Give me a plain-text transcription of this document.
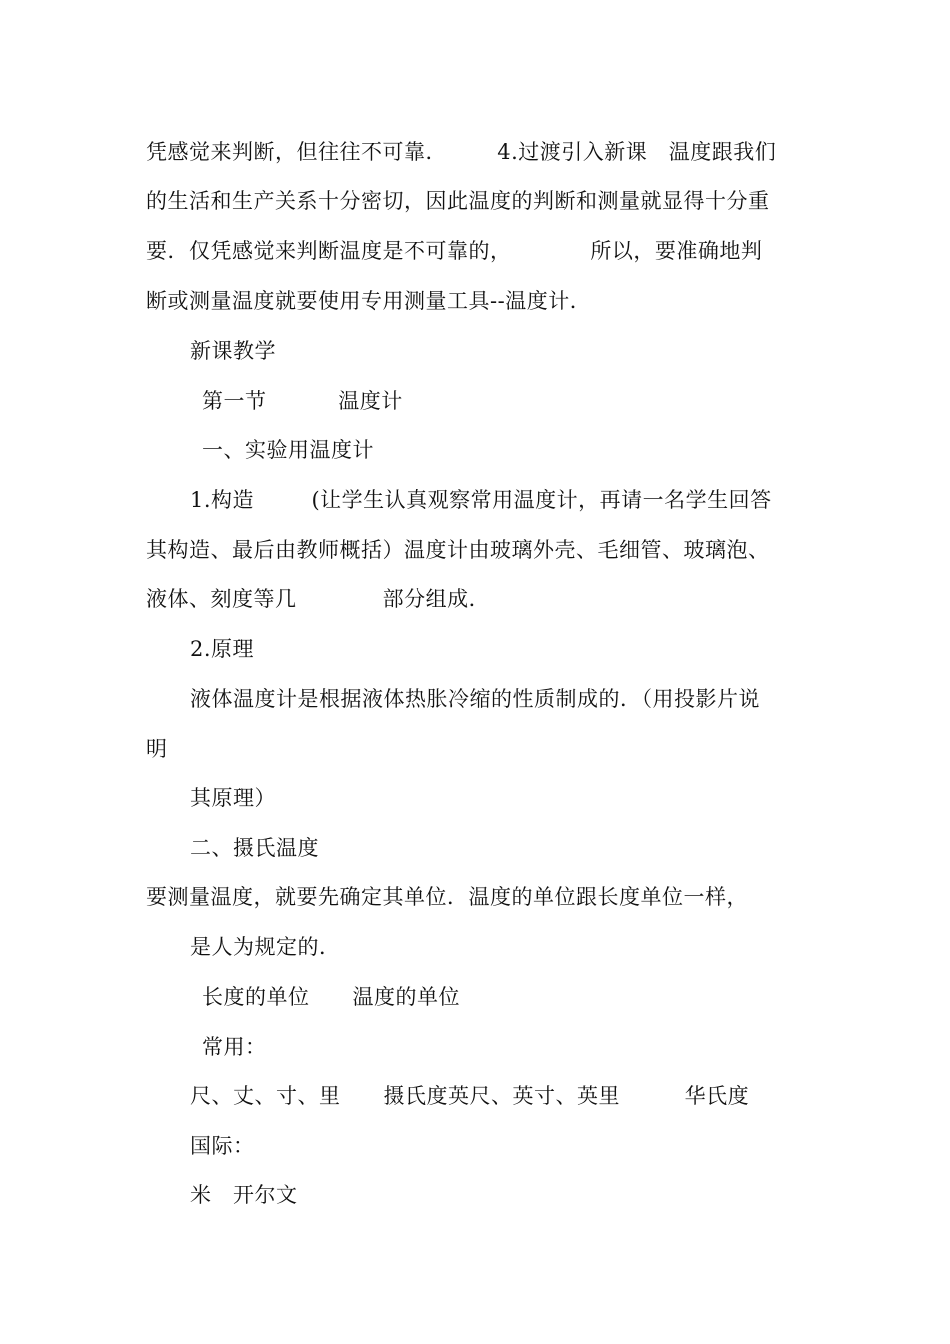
凭感觉来判断，但往往不可靠．       4.过渡引入新课   温度跟我们
的生活和生产关系十分密切，因此温度的判断和测量就显得十分重
要．仅凭感觉来判断温度是不可靠的，           所以，要准确地判
断或测量温度就要使用专用测量工具--温度计．
新课教学
第一节          温度计
一、实验用温度计
1.构造        (让学生认真观察常用温度计，再请一名学生回答
其构造、最后由教师概括）温度计由玻璃外壳、毛细管、玻璃泡、
液体、刻度等几            部分组成．
2.原理
液体温度计是根据液体热胀冷缩的性质制成的．（用投影片说
明
其原理）
二、摄氏温度
要测量温度，就要先确定其单位．温度的单位跟长度单位一样，
是人为规定的．
长度的单位      温度的单位
常用：
尺、丈、寸、里      摄氏度英尺、英寸、英里         华氏度
国际：
米   开尔文
